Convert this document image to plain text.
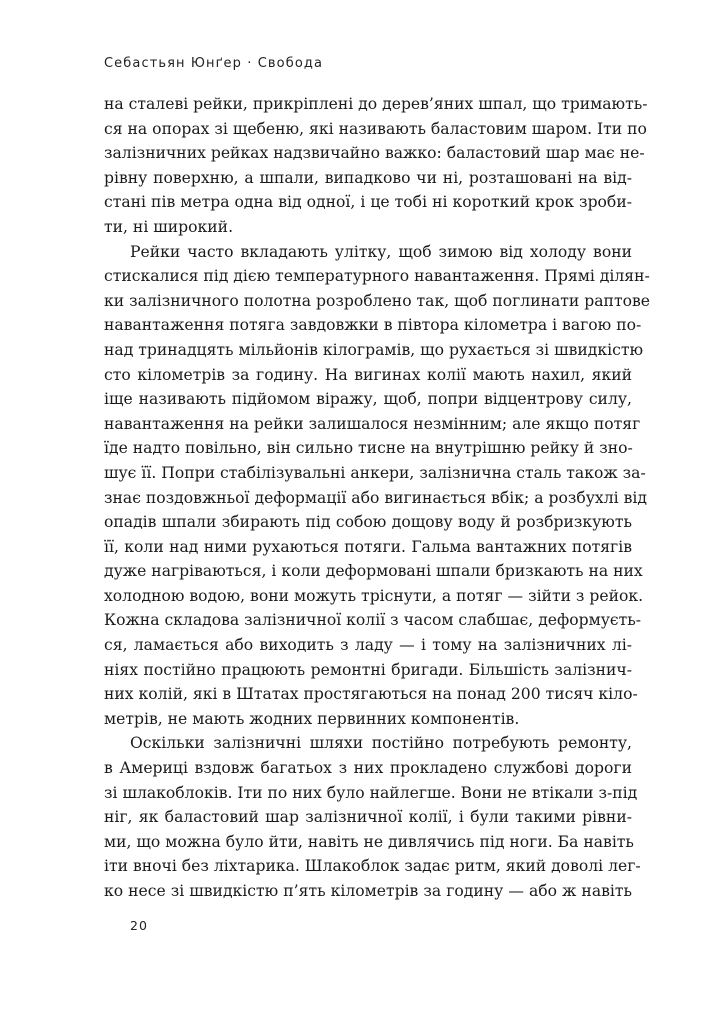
Себастьян Юнґер · Свобода
на сталеві рейки, прикріплені до дерев’яних шпал, що тримають-
ся на опорах зі щебеню, які називають баластовим шаром. Іти по
залізничних рейках надзвичайно важко: баластовий шар має не-
рівну поверхню, а шпали, випадково чи ні, розташовані на від-
стані пів метра одна від одної, і це тобі ні короткий крок зроби-
ти, ні широкий.
Рейки часто вкладають улітку, щоб зимою від холоду вони
стискалися під дією температурного навантаження. Прямі ділян-
ки залізничного полотна розроблено так, щоб поглинати раптове
навантаження потяга завдовжки в півтора кілометра і вагою по-
над тринадцять мільйонів кілограмів, що рухається зі швидкістю
сто кілометрів за годину. На вигинах колії мають нахил, який
іще називають підйомом віражу, щоб, попри відцентрову силу,
навантаження на рейки залишалося незмінним; але якщо потяг
їде надто повільно, він сильно тисне на внутрішню рейку й зно-
шує її. Попри стабілізувальні анкери, залізнична сталь також за-
знає поздовжньої деформації або вигинається вбік; а розбухлі від
опадів шпали збирають під собою дощову воду й розбризкують
її, коли над ними рухаються потяги. Гальма вантажних потягів
дуже нагріваються, і коли деформовані шпали бризкають на них
холодною водою, вони можуть тріснути, а потяг — зійти з рейок.
Кожна складова залізничної колії з часом слабшає, деформуєть-
ся, ламається або виходить з ладу — і тому на залізничних лі-
ніях постійно працюють ремонтні бригади. Більшість залізнич-
них колій, які в Штатах простягаються на понад 200 тисяч кіло-
метрів, не мають жодних первинних компонентів.
Оскільки залізничні шляхи постійно потребують ремонту,
в Америці вздовж багатьох з них прокладено службові дороги
зі шлакоблоків. Іти по них було найлегше. Вони не втікали з-під
ніг, як баластовий шар залізничної колії, і були такими рівни-
ми, що можна було йти, навіть не дивлячись під ноги. Ба навіть
іти вночі без ліхтарика. Шлакоблок задає ритм, який доволі лег-
ко несе зі швидкістю п’ять кілометрів за годину — або ж навіть
20
